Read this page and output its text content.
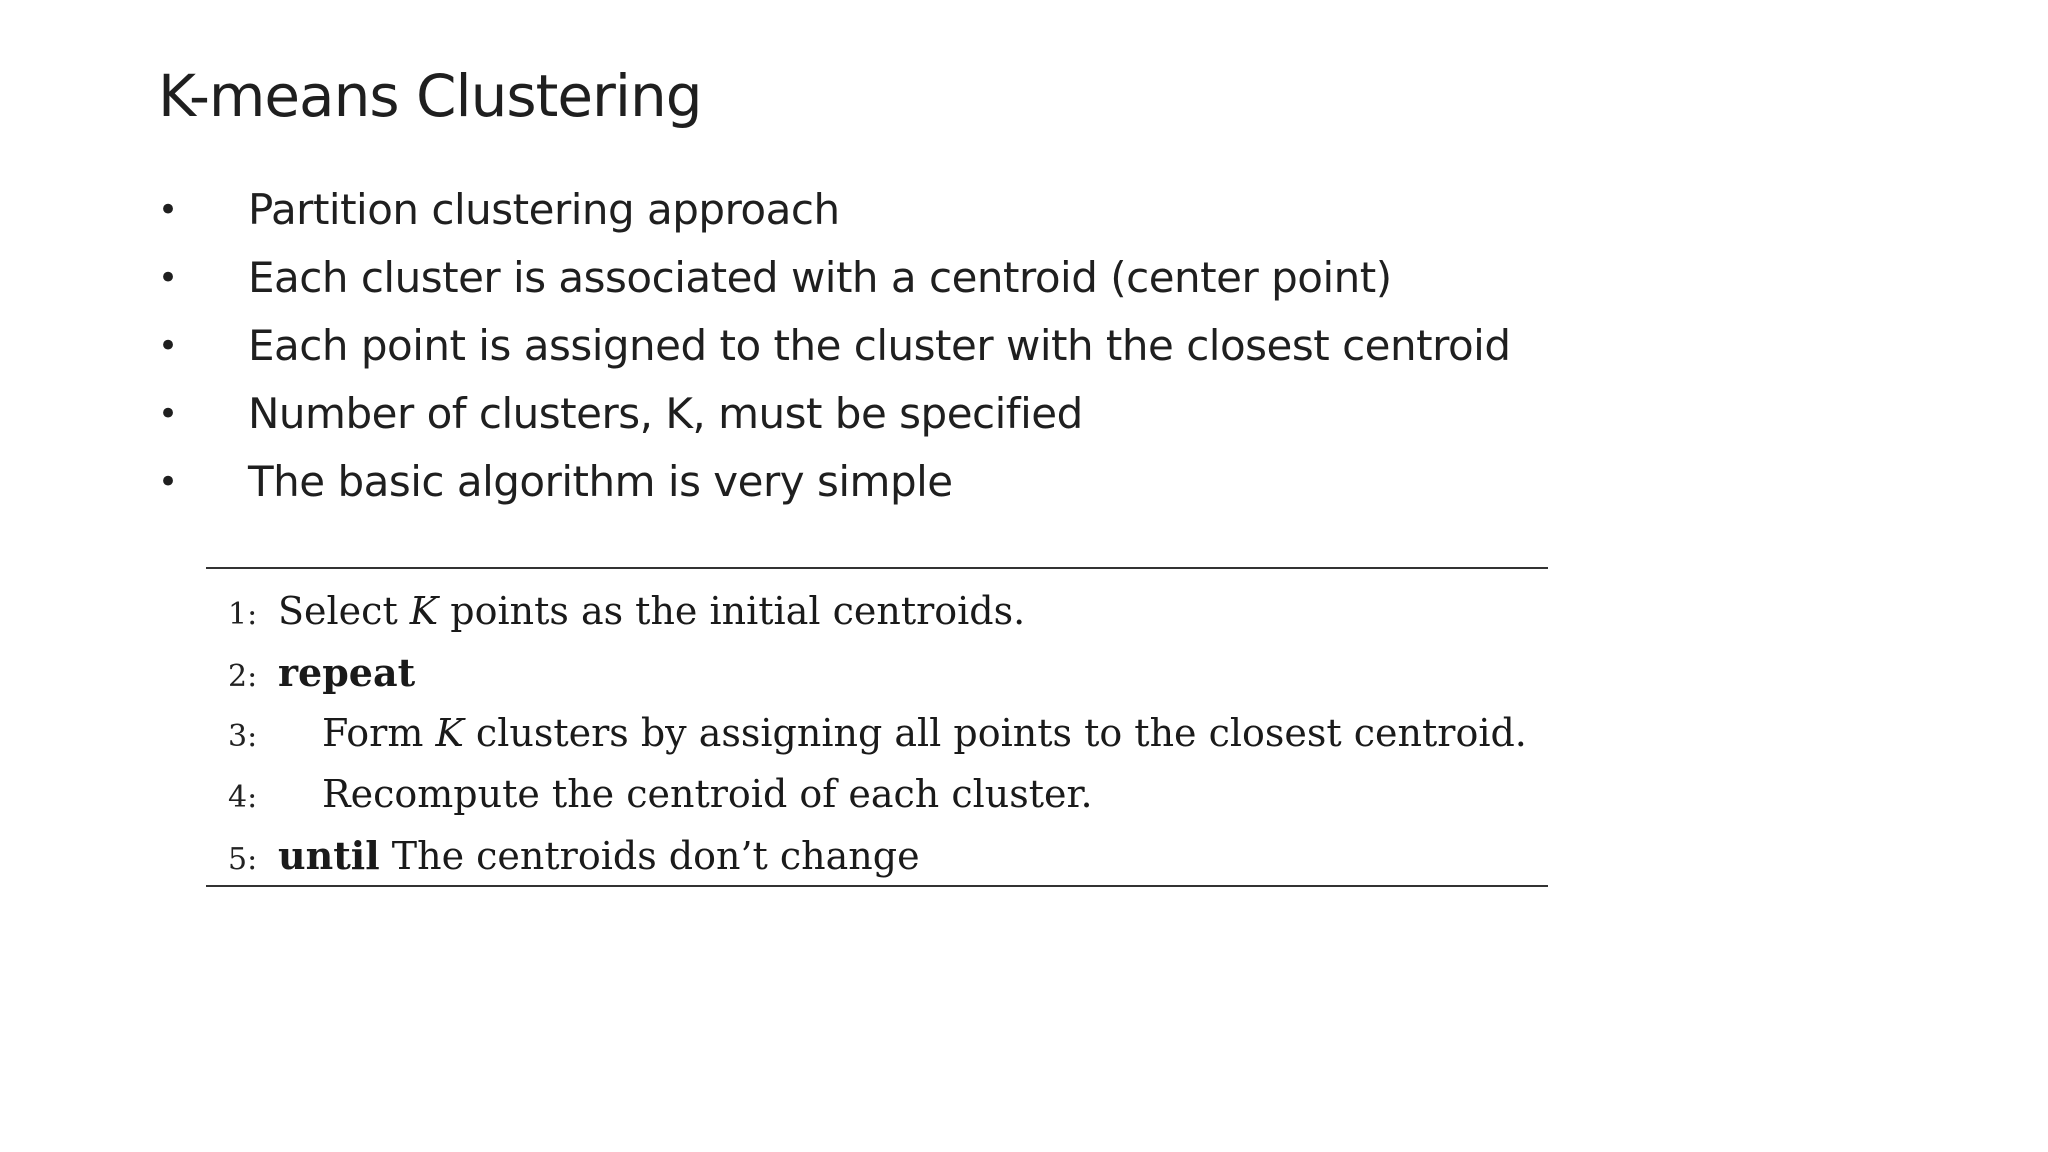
K-means Clustering
• Partition clustering approach
• Each cluster is associated with a centroid (center point)
• Each point is assigned to the cluster with the closest centroid
• Number of clusters, K, must be specified
• The basic algorithm is very simple
1: Select K points as the initial centroids.
2: repeat
3: Form K clusters by assigning all points to the closest centroid.
4: Recompute the centroid of each cluster.
5: until The centroids don’t change
